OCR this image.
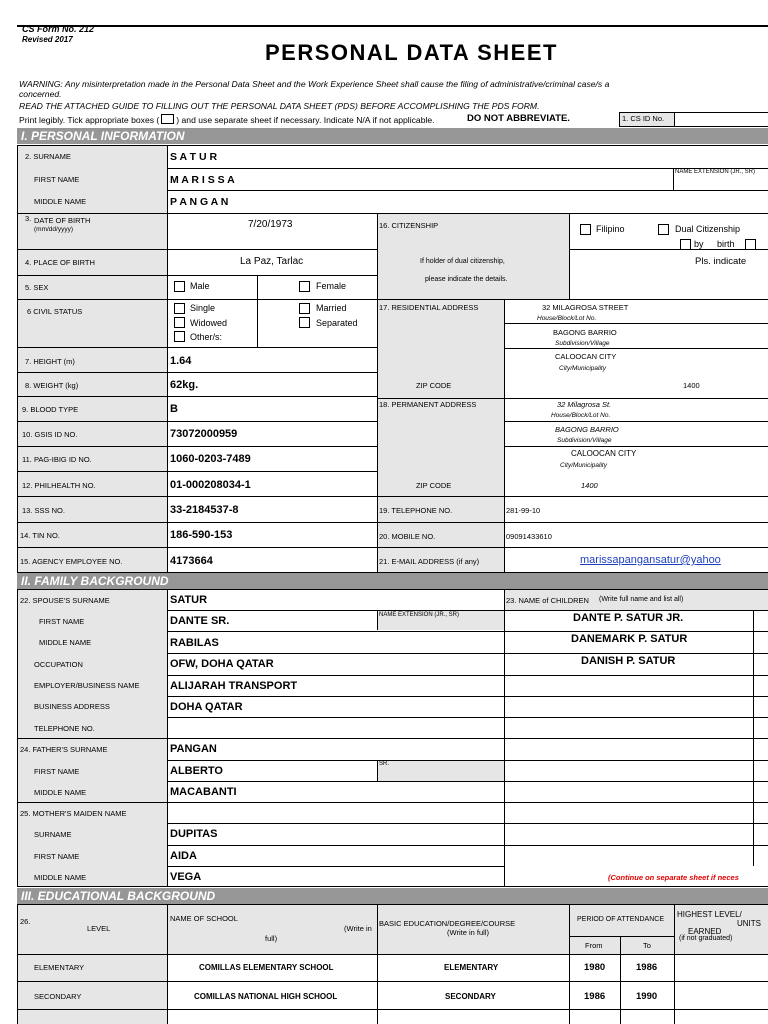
CS Form No. 212
Revised 2017
PERSONAL DATA SHEET
WARNING: Any misinterpretation made in the Personal Data Sheet and the Work Experience Sheet shall cause the filing of administrative/criminal case/s a
concerned.
READ THE ATTACHED GUIDE TO FILLING OUT THE PERSONAL DATA SHEET (PDS) BEFORE ACCOMPLISHING THE PDS FORM.
Print legibly. Tick appropriate boxes ( ) and use separate sheet if necessary. Indicate N/A if not applicable.	DO NOT ABBREVIATE.	1. CS ID No.
I. PERSONAL INFORMATION
2. SURNAME	S A T U R
FIRST NAME	M A R I S S A
NAME EXTENSION (JR., SR)
MIDDLE NAME	P A N G A N
3. DATE OF BIRTH
(mm/dd/yyyy)	7/20/1973
4. PLACE OF BIRTH	La Paz, Tarlac
5. SEX	Male	Female
6 CIVIL STATUS	Single	Married
Widowed	Separated
Other/s:
7. HEIGHT (m)	1.64
8. WEIGHT (kg)	62kg.
9. BLOOD TYPE	B
10. GSIS ID NO.	73072000959
11. PAG-IBIG ID NO.	1060-0203-7489
12. PHILHEALTH NO.	01-000208034-1
13. SSS NO.	33-2184537-8
14. TIN NO.	186-590-153
15. AGENCY EMPLOYEE NO.	4173664
16. CITIZENSHIP	Filipino	Dual Citizenship
by birth
If holder of dual citizenship,
please indicate the details.
Pls. indicate
17. RESIDENTIAL ADDRESS	32 MILAGROSA STREET
House/Block/Lot No.
BAGONG BARRIO
Subdivision/Village
CALOOCAN CITY
City/Municipality
ZIP CODE	1400
18. PERMANENT ADDRESS	32 Milagrosa St.
House/Block/Lot No.
BAGONG BARRIO
Subdivision/Village
CALOOCAN CITY
City/Municipality
ZIP CODE	1400
19. TELEPHONE NO.	281-99-10
20. MOBILE NO.	09091433610
21. E-MAIL ADDRESS (if any)	marissapangansatur@yahoo
II. FAMILY BACKGROUND
22. SPOUSE'S SURNAME	SATUR
FIRST NAME	DANTE SR.	NAME EXTENSION (JR., SR)
MIDDLE NAME	RABILAS
OCCUPATION	OFW, DOHA QATAR
EMPLOYER/BUSINESS NAME	ALIJARAH TRANSPORT
BUSINESS ADDRESS	DOHA QATAR
TELEPHONE NO.
24. FATHER'S SURNAME	PANGAN
FIRST NAME	ALBERTO
SR.
MIDDLE NAME	MACABANTI
25. MOTHER'S MAIDEN NAME
SURNAME	DUPITAS
FIRST NAME	AIDA
MIDDLE NAME	VEGA
23. NAME of CHILDREN (Write full name and list all)
DANTE P. SATUR JR.
DANEMARK P. SATUR
DANISH P. SATUR
(Continue on separate sheet if neces
III. EDUCATIONAL BACKGROUND
26.
LEVEL
NAME OF SCHOOL
(Write in
full)
BASIC EDUCATION/DEGREE/COURSE
(Write in full)
PERIOD OF ATTENDANCE
From	To
HIGHEST LEVEL/
UNITS
EARNED
(if not graduated)
ELEMENTARY	COMILLAS ELEMENTARY SCHOOL	ELEMENTARY	1980	1986
SECONDARY	COMILLAS NATIONAL HIGH SCHOOL	SECONDARY	1986	1990
